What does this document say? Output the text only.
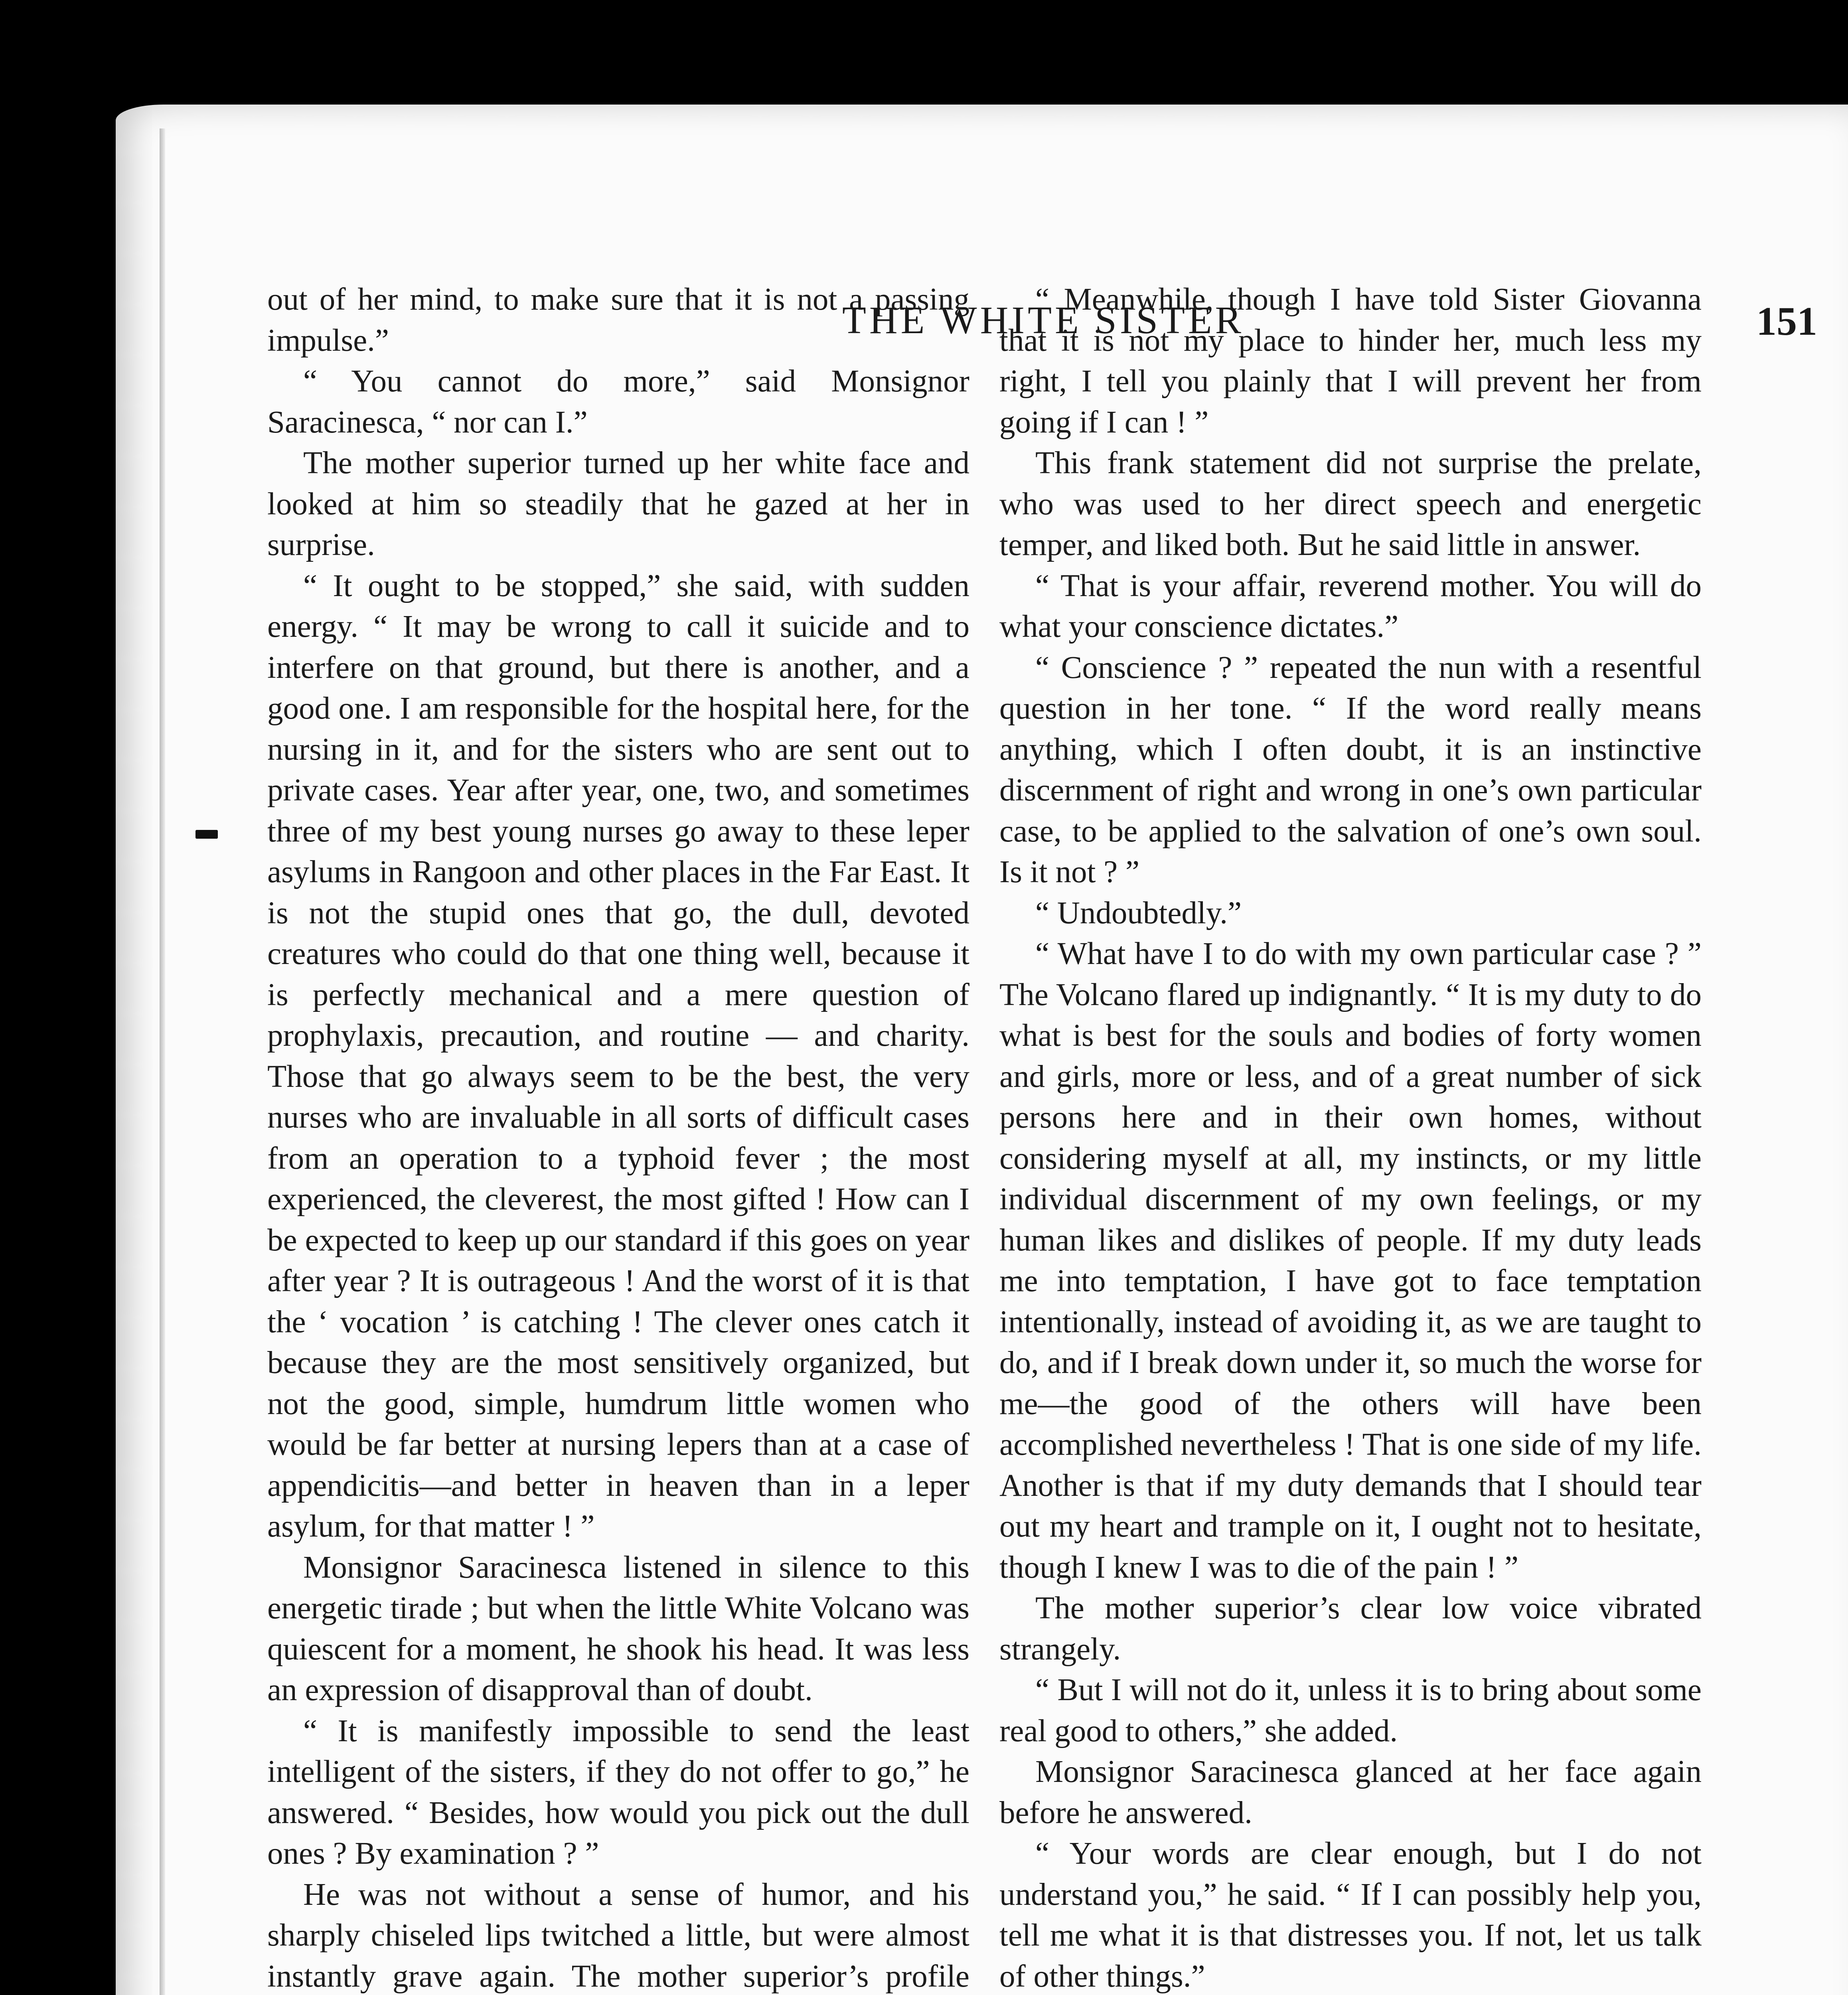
THE WHITE SISTER	151

out of her mind, to make sure that it is not a passing impulse.”

“ You cannot do more,” said Monsignor Saracinesca, “ nor can I.”

The mother superior turned up her white face and looked at him so steadily that he gazed at her in surprise.

“ It ought to be stopped,” she said, with sudden energy. “ It may be wrong to call it suicide and to interfere on that ground, but there is another, and a good one. I am responsible for the hospital here, for the nursing in it, and for the sisters who are sent out to private cases. Year after year, one, two, and sometimes three of my best young nurses go away to these leper asylums in Rangoon and other places in the Far East. It is not the stupid ones that go, the dull, devoted creatures who could do that one thing well, because it is perfectly mechanical and a mere question of prophylaxis, precaution, and routine — and charity. Those that go always seem to be the best, the very nurses who are invaluable in all sorts of difficult cases from an operation to a typhoid fever ; the most experienced, the cleverest, the most gifted ! How can I be expected to keep up our standard if this goes on year after year ? It is outrageous ! And the worst of it is that the ‘ vocation ’ is catching ! The clever ones catch it because they are the most sensitively organized, but not the good, simple, humdrum little women who would be far better at nursing lepers than at a case of appendicitis—and better in heaven than in a leper asylum, for that matter ! ”

Monsignor Saracinesca listened in silence to this energetic tirade ; but when the little White Volcano was quiescent for a moment, he shook his head. It was less an expression of disapproval than of doubt.

“ It is manifestly impossible to send the least intelligent of the sisters, if they do not offer to go,” he answered. “ Besides, how would you pick out the dull ones ? By examination ? ”

He was not without a sense of humor, and his sharply chiseled lips twitched a little, but were almost instantly grave again. The mother superior’s profile

“ Meanwhile, though I have told Sister Giovanna that it is not my place to hinder her, much less my right, I tell you plainly that I will prevent her from going if I can ! ”

This frank statement did not surprise the prelate, who was used to her direct speech and energetic temper, and liked both. But he said little in answer.

“ That is your affair, reverend mother. You will do what your conscience dictates.”

“ Conscience ? ” repeated the nun with a resentful question in her tone. “ If the word really means anything, which I often doubt, it is an instinctive discernment of right and wrong in one’s own particular case, to be applied to the salvation of one’s own soul. Is it not ? ”

“ Undoubtedly.”

“ What have I to do with my own particular case ? ” The Volcano flared up indignantly. “ It is my duty to do what is best for the souls and bodies of forty women and girls, more or less, and of a great number of sick persons here and in their own homes, without considering myself at all, my instincts, or my little individual discernment of my own feelings, or my human likes and dislikes of people. If my duty leads me into temptation, I have got to face temptation intentionally, instead of avoiding it, as we are taught to do, and if I break down under it, so much the worse for me—the good of the others will have been accomplished nevertheless ! That is one side of my life. Another is that if my duty demands that I should tear out my heart and trample on it, I ought not to hesitate, though I knew I was to die of the pain ! ”

The mother superior’s clear low voice vibrated strangely.

“ But I will not do it, unless it is to bring about some real good to others,” she added.

Monsignor Saracinesca glanced at her face again before he answered.

“ Your words are clear enough, but I do not understand you,” he said. “ If I can possibly help you, tell me what it is that distresses you. If not, let us talk of other things.”
